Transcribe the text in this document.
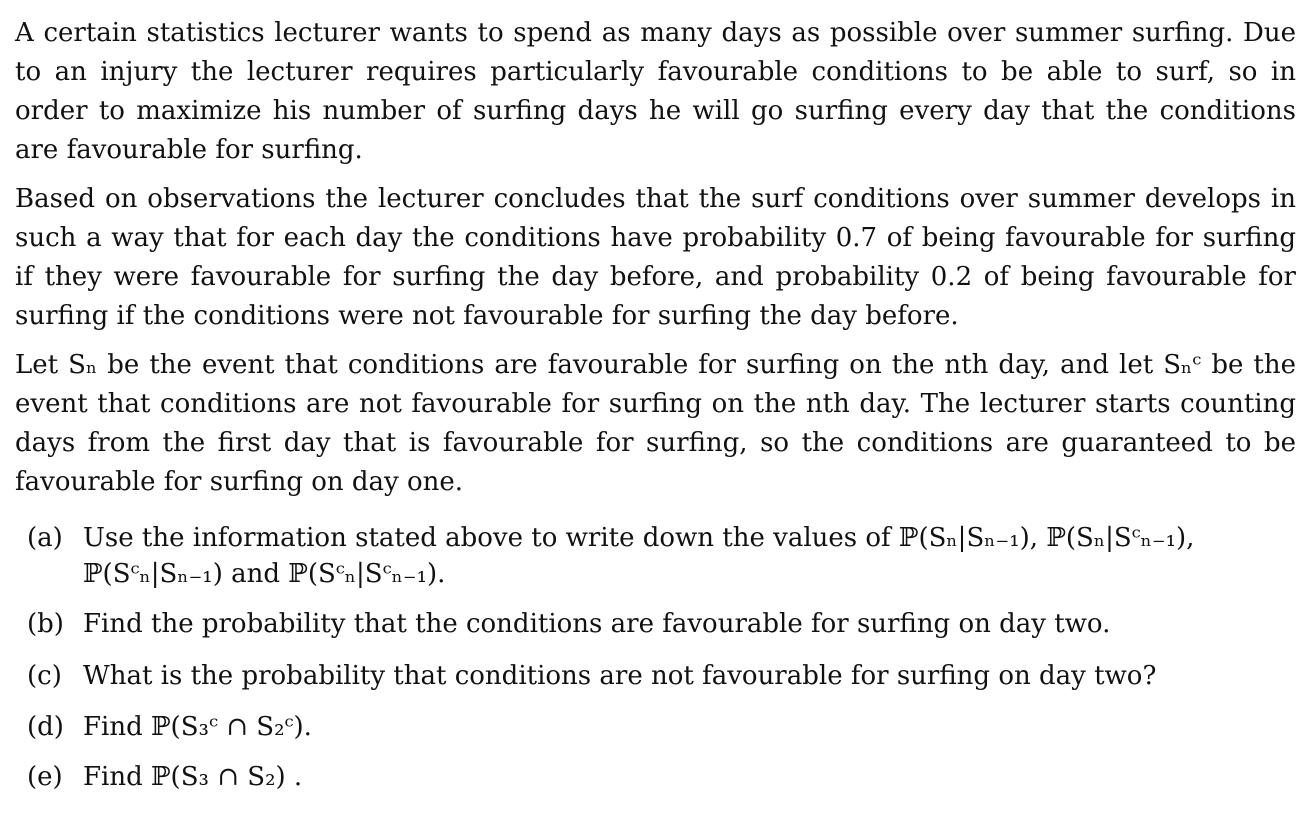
A certain statistics lecturer wants to spend as many days as possible over summer surfing. Due to an injury the lecturer requires particularly favourable conditions to be able to surf, so in order to maximize his number of surfing days he will go surfing every day that the conditions are favourable for surfing.

Based on observations the lecturer concludes that the surf conditions over summer develops in such a way that for each day the conditions have probability 0.7 of being favourable for surfing if they were favourable for surfing the day before, and probability 0.2 of being favourable for surfing if the conditions were not favourable for surfing the day before.

Let Sₙ be the event that conditions are favourable for surfing on the nth day, and let Sₙᶜ be the event that conditions are not favourable for surfing on the nth day. The lecturer starts counting days from the first day that is favourable for surfing, so the conditions are guaranteed to be favourable for surfing on day one.

(a) Use the information stated above to write down the values of ℙ(Sₙ|Sₙ₋₁), ℙ(Sₙ|Sᶜₙ₋₁), ℙ(Sᶜₙ|Sₙ₋₁) and ℙ(Sᶜₙ|Sᶜₙ₋₁).
(b) Find the probability that the conditions are favourable for surfing on day two.
(c) What is the probability that conditions are not favourable for surfing on day two?
(d) Find ℙ(S₃ᶜ ∩ S₂ᶜ).
(e) Find ℙ(S₃ ∩ S₂) .
